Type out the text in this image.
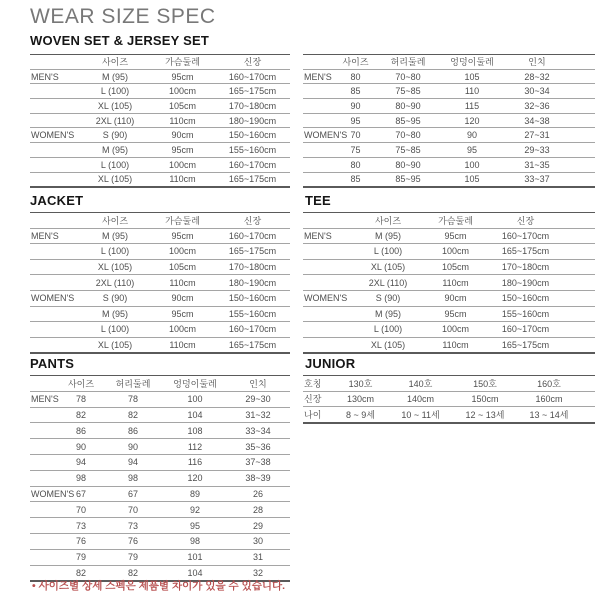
WEAR SIZE SPEC
WOVEN SET & JERSEY SET
사이즈	가슴둘레	신장
MEN'S	M (95)	95cm	160~170cm
L (100)	100cm	165~175cm
XL (105)	105cm	170~180cm
2XL (110)	110cm	180~190cm
WOMEN'S	S (90)	90cm	150~160cm
M (95)	95cm	155~160cm
L (100)	100cm	160~170cm
XL (105)	110cm	165~175cm
사이즈	허리둘레	엉덩이둘레	인치
MEN'S	80	70~80	105	28~32
85	75~85	110	30~34
90	80~90	115	32~36
95	85~95	120	34~38
WOMEN'S 70	70~80	90	27~31
75	75~85	95	29~33
80	80~90	100	31~35
85	85~95	105	33~37
JACKET
사이즈	가슴둘레	신장
MEN'S	M (95)	95cm	160~170cm
L (100)	100cm	165~175cm
XL (105)	105cm	170~180cm
2XL (110)	110cm	180~190cm
WOMEN'S	S (90)	90cm	150~160cm
M (95)	95cm	155~160cm
L (100)	100cm	160~170cm
XL (105)	110cm	165~175cm
TEE
사이즈	가슴둘레	신장
MEN'S	M (95)	95cm	160~170cm
L (100)	100cm	165~175cm
XL (105)	105cm	170~180cm
2XL (110)	110cm	180~190cm
WOMEN'S	S (90)	90cm	150~160cm
M (95)	95cm	155~160cm
L (100)	100cm	160~170cm
XL (105)	110cm	165~175cm
PANTS
사이즈	허리둘레	엉덩이둘레	인치
MEN'S	78	78	100	29~30
82	82	104	31~32
86	86	108	33~34
90	90	112	35~36
94	94	116	37~38
98	98	120	38~39
WOMEN'S 67	67	89	26
70	70	92	28
73	73	95	29
76	76	98	30
79	79	101	31
82	82	104	32
JUNIOR
호칭	130호	140호	150호	160호
신장	130cm	140cm	150cm	160cm
나이	8 ~ 9세	10 ~ 11세	12 ~ 13세	13 ~ 14세
• 사이즈별 상세 스펙은 제품별 차이가 있을 수 있습니다.
